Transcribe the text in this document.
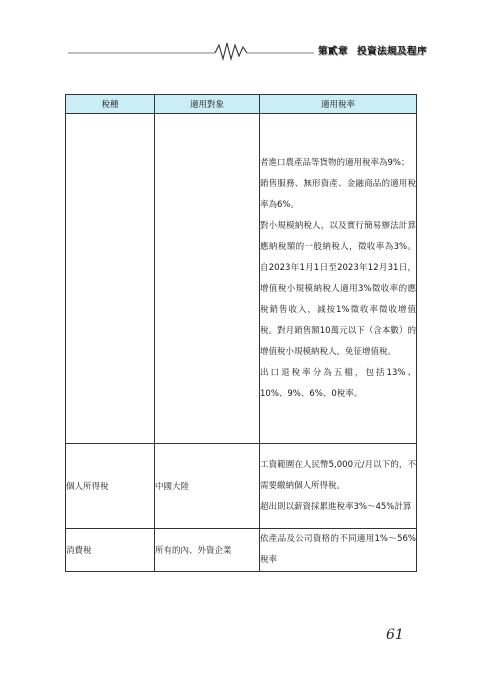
第貳章 投資法規及程序
稅種	適用對象	適用稅率

		者進口農產品等貨物的適用稅率為9%；

銷售服務、無形資產、金融商品的適用稅率為6%。

對小規模納稅人，以及實行簡易辦法計算應納稅額的一般納稅人，徵收率為3%。自2023年1月1日至2023年12月31日，增值稅小規模納稅人適用3%徵收率的應稅銷售收入，減按1%徵收率徵收增值稅。對月銷售額10萬元以下（含本數）的增值稅小規模納稅人，免征增值稅。

出口退稅率分為五檔，包括13%、10%、9%、6%、0稅率。

個人所得稅	中國大陸	工資範圍在人民幣5,000元/月以下的，不需要繳納個人所得稅。

超出則以薪資採累進稅率3%～45%計算

消費稅	所有的內、外資企業	依產品及公司資格的不同適用1%～56%稅率

61
